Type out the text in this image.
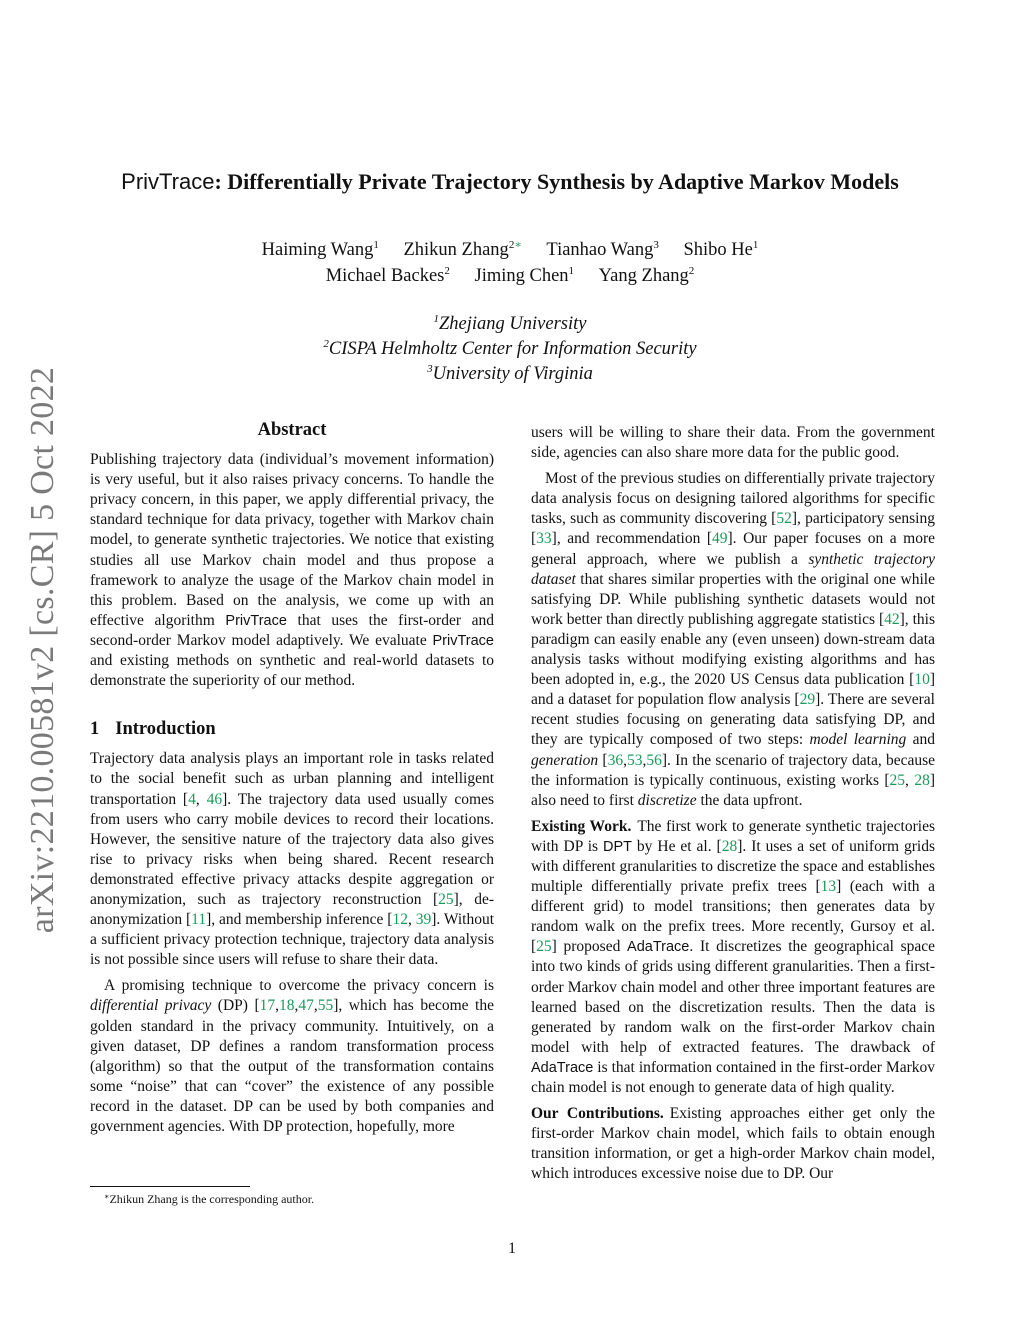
arXiv:2210.00581v2 [cs.CR] 5 Oct 2022
PrivTrace: Differentially Private Trajectory Synthesis by Adaptive Markov Models
Haiming Wang$^1$ Zhikun Zhang$^{2∗}$ Tianhao Wang$^3$ Shibo He$^1$
Michael Backes$^2$ Jiming Chen$^1$ Yang Zhang$^2$
$^1$Zhejiang University
$^2$CISPA Helmholtz Center for Information Security
$^3$University of Virginia
Abstract

Publishing trajectory data (individual’s movement information) is very useful, but it also raises privacy concerns. To handle the privacy concern, in this paper, we apply differential privacy, the standard technique for data privacy, together with Markov chain model, to generate synthetic trajectories. We notice that existing studies all use Markov chain model and thus propose a framework to analyze the usage of the Markov chain model in this problem. Based on the analysis, we come up with an effective algorithm PrivTrace that uses the first-order and second-order Markov model adaptively. We evaluate PrivTrace and existing methods on synthetic and real-world datasets to demonstrate the superiority of our method.

1 Introduction

Trajectory data analysis plays an important role in tasks related to the social benefit such as urban planning and intelligent transportation [4, 46]. The trajectory data used usually comes from users who carry mobile devices to record their locations. However, the sensitive nature of the trajectory data also gives rise to privacy risks when being shared. Recent research demonstrated effective privacy attacks despite aggregation or anonymization, such as trajectory reconstruction [25], de-anonymization [11], and membership inference [12, 39]. Without a sufficient privacy protection technique, trajectory data analysis is not possible since users will refuse to share their data.

A promising technique to overcome the privacy concern is differential privacy (DP) [17,18,47,55], which has become the golden standard in the privacy community. Intuitively, on a given dataset, DP defines a random transformation process (algorithm) so that the output of the transformation contains some “noise” that can “cover” the existence of any possible record in the dataset. DP can be used by both companies and government agencies. With DP protection, hopefully, more

users will be willing to share their data. From the government side, agencies can also share more data for the public good.

Most of the previous studies on differentially private trajectory data analysis focus on designing tailored algorithms for specific tasks, such as community discovering [52], participatory sensing [33], and recommendation [49]. Our paper focuses on a more general approach, where we publish a synthetic trajectory dataset that shares similar properties with the original one while satisfying DP. While publishing synthetic datasets would not work better than directly publishing aggregate statistics [42], this paradigm can easily enable any (even unseen) down-stream data analysis tasks without modifying existing algorithms and has been adopted in, e.g., the 2020 US Census data publication [10] and a dataset for population flow analysis [29]. There are several recent studies focusing on generating data satisfying DP, and they are typically composed of two steps: model learning and generation [36,53,56]. In the scenario of trajectory data, because the information is typically continuous, existing works [25, 28] also need to first discretize the data upfront.

Existing Work. The first work to generate synthetic trajectories with DP is DPT by He et al. [28]. It uses a set of uniform grids with different granularities to discretize the space and establishes multiple differentially private prefix trees [13] (each with a different grid) to model transitions; then generates data by random walk on the prefix trees. More recently, Gursoy et al. [25] proposed AdaTrace. It discretizes the geographical space into two kinds of grids using different granularities. Then a first-order Markov chain model and other three important features are learned based on the discretization results. Then the data is generated by random walk on the first-order Markov chain model with help of extracted features. The drawback of AdaTrace is that information contained in the first-order Markov chain model is not enough to generate data of high quality.

Our Contributions. Existing approaches either get only the first-order Markov chain model, which fails to obtain enough transition information, or get a high-order Markov chain model, which introduces excessive noise due to DP. Our

∗Zhikun Zhang is the corresponding author.
1
